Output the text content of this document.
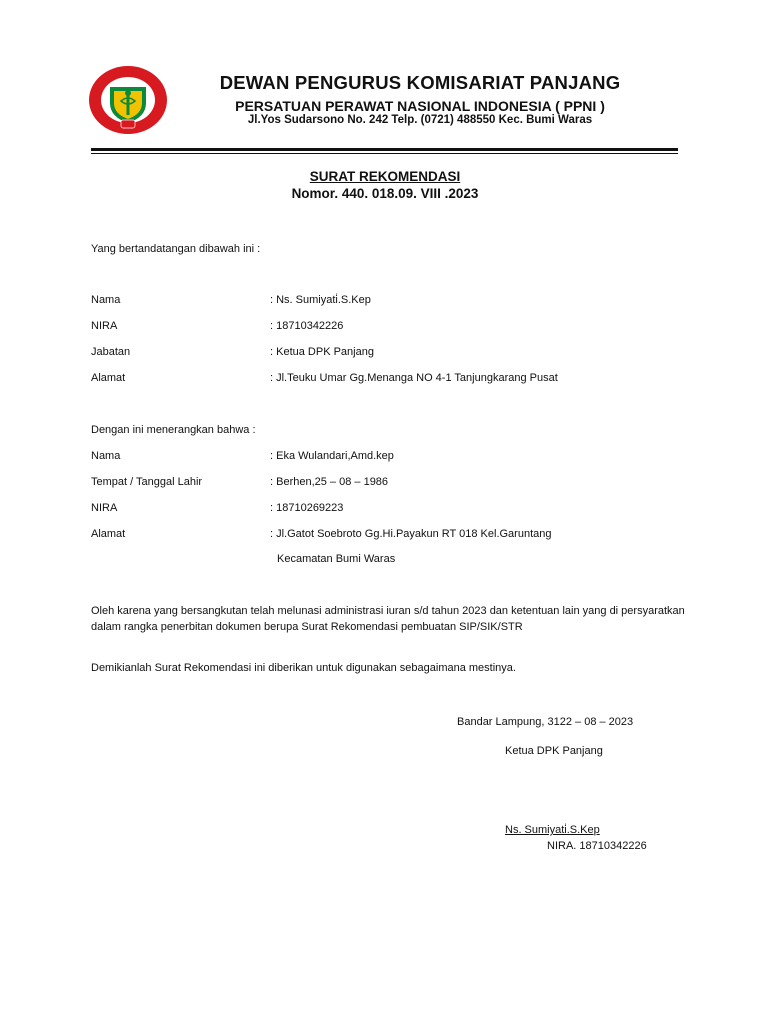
DEWAN PENGURUS KOMISARIAT PANJANG
PERSATUAN PERAWAT NASIONAL INDONESIA ( PPNI )
Jl.Yos Sudarsono No. 242 Telp. (0721) 488550 Kec. Bumi Waras
SURAT REKOMENDASI
Nomor. 440. 018.09. VIII .2023
Yang bertandatangan dibawah ini :
Nama	: Ns. Sumiyati̇.S.Kep
NIRA	: 18710342226
Jabatan	: Ketua DPK Panjang
Alamat	: Jl.Teuku Umar Gg.Menanga NO 4-1 Tanjungkarang Pusat
Dengan ini menerangkan bahwa :
Nama	: Eka Wulandari,Amd.kep
Tempat / Tanggal Lahir	: Berhen,25 – 08 – 1986
NIRA	: 18710269223
Alamat	: Jl.Gatot Soebroto Gg.Hi.Payakun RT 018 Kel.Garuntang
Kecamatan Bumi Waras
Oleh karena yang bersangkutan telah melunasi administrasi iuran s/d tahun 2023 dan ketentuan lain yang di persyaratkan dalam rangka penerbitan dokumen berupa Surat Rekomendasi pembuatan SIP/SIK/STR
Demikianlah Surat Rekomendasi ini diberikan untuk digunakan sebagaimana mestinya.
Bandar Lampung, 3122 – 08 – 2023
Ketua DPK Panjang
Ns. Sumiyati̇.S.Kep
NIRA. 18710342226
